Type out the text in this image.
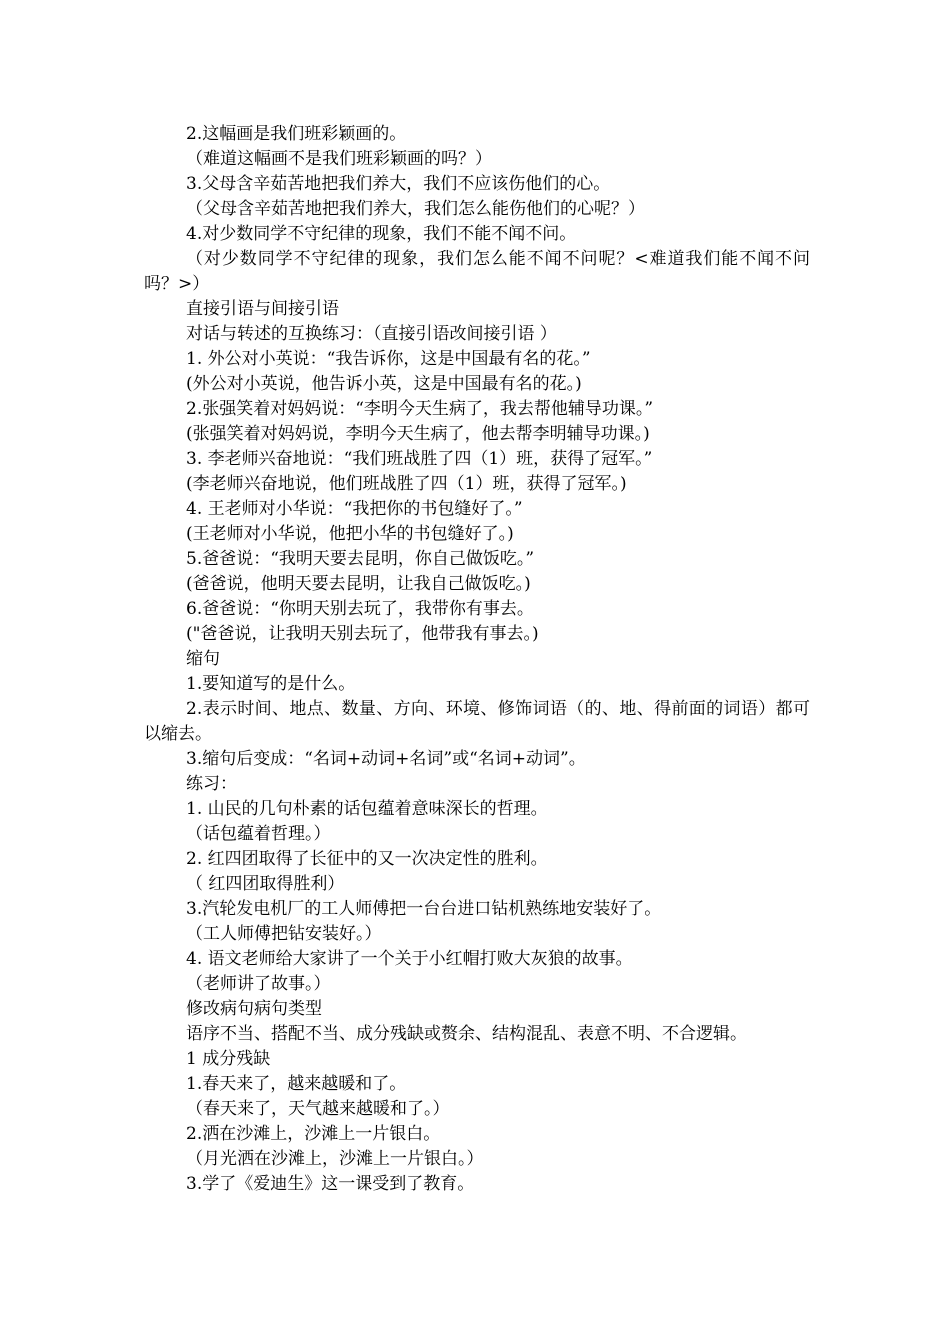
2.这幅画是我们班彩颖画的。
（难道这幅画不是我们班彩颖画的吗？）
3.父母含辛茹苦地把我们养大，我们不应该伤他们的心。
（父母含辛茹苦地把我们养大，我们怎么能伤他们的心呢？）
4.对少数同学不守纪律的现象，我们不能不闻不问。
（对少数同学不守纪律的现象，我们怎么能不闻不问呢？<难道我们能不闻不问吗？>）
直接引语与间接引语
对话与转述的互换练习：（直接引语改间接引语 ）
1. 外公对小英说：“我告诉你，这是中国最有名的花。”
(外公对小英说，他告诉小英，这是中国最有名的花。)
2.张强笑着对妈妈说：“李明今天生病了，我去帮他辅导功课。”
(张强笑着对妈妈说，李明今天生病了，他去帮李明辅导功课。)
3. 李老师兴奋地说：“我们班战胜了四（1）班，获得了冠军。”
(李老师兴奋地说，他们班战胜了四（1）班，获得了冠军。)
4. 王老师对小华说：“我把你的书包缝好了。”
(王老师对小华说，他把小华的书包缝好了。)
5.爸爸说：“我明天要去昆明，你自己做饭吃。”
(爸爸说，他明天要去昆明，让我自己做饭吃。)
6.爸爸说：“你明天别去玩了，我带你有事去。
("爸爸说，让我明天别去玩了，他带我有事去。)
缩句
1.要知道写的是什么。
2.表示时间、地点、数量、方向、环境、修饰词语（的、地、得前面的词语）都可以缩去。
3.缩句后变成：“名词+动词+名词”或“名词+动词”。
练习：
1. 山民的几句朴素的话包蕴着意味深长的哲理。
（话包蕴着哲理。）
2. 红四团取得了长征中的又一次决定性的胜利。
（ 红四团取得胜利）
3.汽轮发电机厂的工人师傅把一台台进口钻机熟练地安装好了。
（工人师傅把钻安装好。）
4. 语文老师给大家讲了一个关于小红帽打败大灰狼的故事。
（老师讲了故事。）
修改病句病句类型
语序不当、搭配不当、成分残缺或赘余、结构混乱、表意不明、不合逻辑。
1 成分残缺
1.春天来了，越来越暖和了。
（春天来了，天气越来越暖和了。）
2.洒在沙滩上，沙滩上一片银白。
（月光洒在沙滩上，沙滩上一片银白。）
3.学了《爱迪生》这一课受到了教育。
